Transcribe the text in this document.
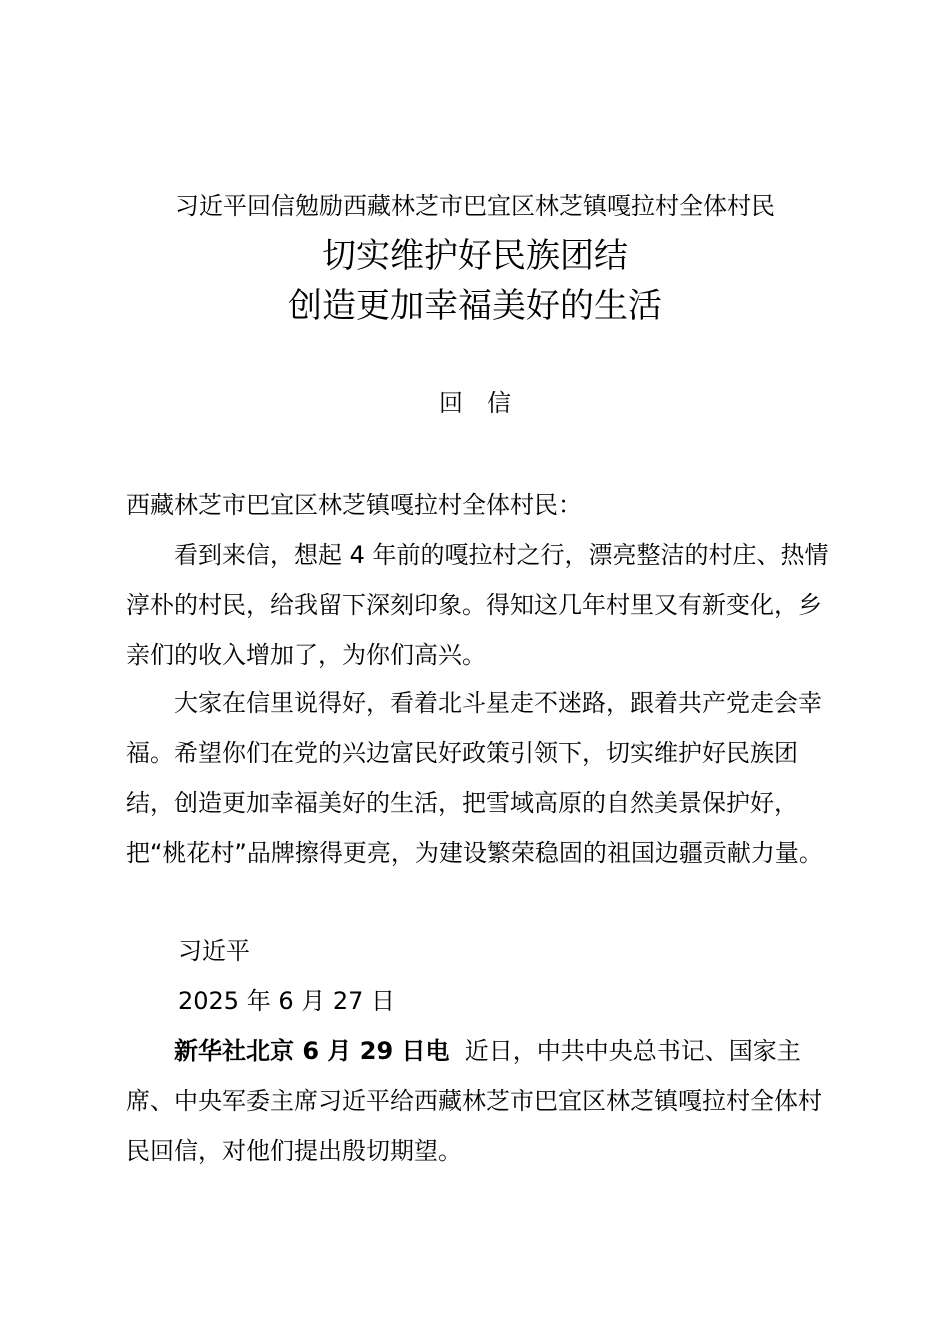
习近平回信勉励西藏林芝市巴宜区林芝镇嘎拉村全体村民
切实维护好民族团结
创造更加幸福美好的生活
回信
西藏林芝市巴宜区林芝镇嘎拉村全体村民：

看到来信，想起 4 年前的嘎拉村之行，漂亮整洁的村庄、热情淳朴的村民，给我留下深刻印象。得知这几年村里又有新变化，乡亲们的收入增加了，为你们高兴。

大家在信里说得好，看着北斗星走不迷路，跟着共产党走会幸福。希望你们在党的兴边富民好政策引领下，切实维护好民族团结，创造更加幸福美好的生活，把雪域高原的自然美景保护好，把“桃花村”品牌擦得更亮，为建设繁荣稳固的祖国边疆贡献力量。

习近平
2025 年 6 月 27 日

新华社北京 6 月 29 日电 近日，中共中央总书记、国家主席、中央军委主席习近平给西藏林芝市巴宜区林芝镇嘎拉村全体村民回信，对他们提出殷切期望。
